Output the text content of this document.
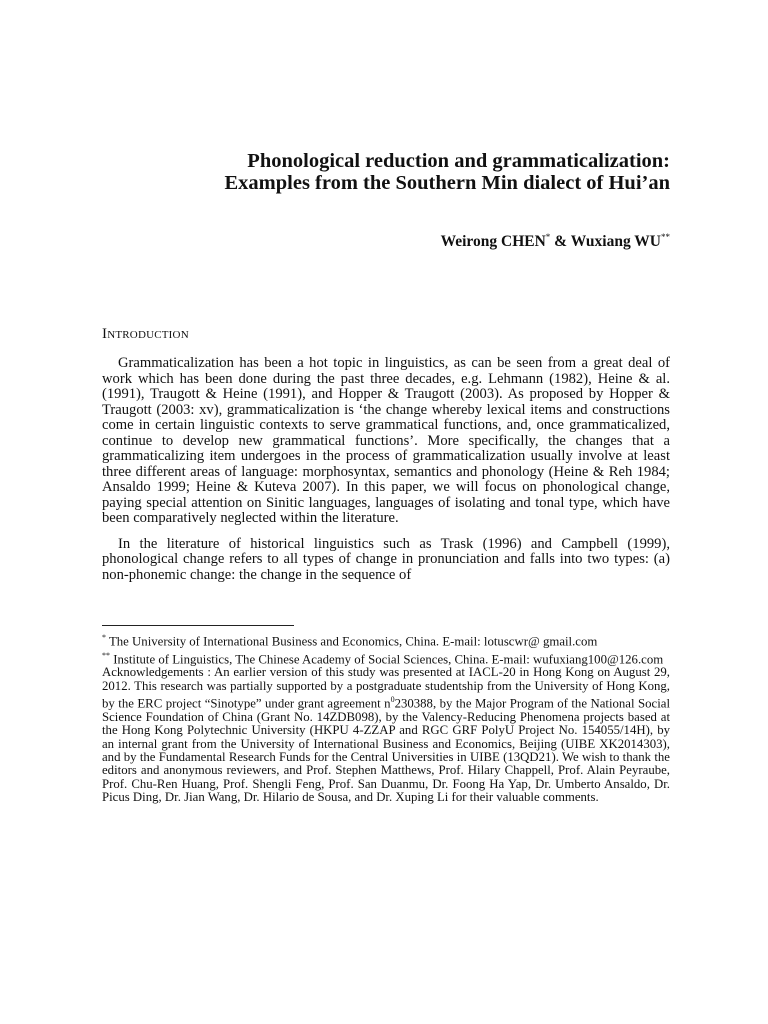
Phonological reduction and grammaticalization:
Examples from the Southern Min dialect of Hui’an
Weirong CHEN* & Wuxiang WU**
Introduction

Grammaticalization has been a hot topic in linguistics, as can be seen from a great deal of work which has been done during the past three decades, e.g. Lehmann (1982), Heine & al. (1991), Traugott & Heine (1991), and Hopper & Traugott (2003). As proposed by Hopper & Traugott (2003: xv), grammaticalization is ‘the change whereby lexical items and constructions come in certain linguistic contexts to serve grammatical functions, and, once grammaticalized, continue to develop new grammatical functions’. More specifically, the changes that a grammaticalizing item undergoes in the process of grammaticalization usually involve at least three different areas of language: morphosyntax, semantics and phonology (Heine & Reh 1984; Ansaldo 1999; Heine & Kuteva 2007). In this paper, we will focus on phonological change, paying special attention on Sinitic languages, languages of isolating and tonal type, which have been comparatively neglected within the literature.

In the literature of historical linguistics such as Trask (1996) and Campbell (1999), phonological change refers to all types of change in pronunciation and falls into two types: (a) non-phonemic change: the change in the sequence of

* The University of International Business and Economics, China. E-mail: lotuscwr@ gmail.com

** Institute of Linguistics, The Chinese Academy of Social Sciences, China. E-mail: wufuxiang100@126.com

Acknowledgements : An earlier version of this study was presented at IACL-20 in Hong Kong on August 29, 2012. This research was partially supported by a postgraduate studentship from the University of Hong Kong, by the ERC project “Sinotype” under grant agreement $n^0230388$, by the Major Program of the National Social Science Foundation of China (Grant No. 14ZDB098), by the Valency-Reducing Phenomena projects based at the Hong Kong Polytechnic University (HKPU 4-ZZAP and RGC GRF PolyU Project No. 154055/14H), by an internal grant from the University of International Business and Economics, Beijing (UIBE XK2014303), and by the Fundamental Research Funds for the Central Universities in UIBE (13QD21). We wish to thank the editors and anonymous reviewers, and Prof. Stephen Matthews, Prof. Hilary Chappell, Prof. Alain Peyraube, Prof. Chu-Ren Huang, Prof. Shengli Feng, Prof. San Duanmu, Dr. Foong Ha Yap, Dr. Umberto Ansaldo, Dr. Picus Ding, Dr. Jian Wang, Dr. Hilario de Sousa, and Dr. Xuping Li for their valuable comments.
